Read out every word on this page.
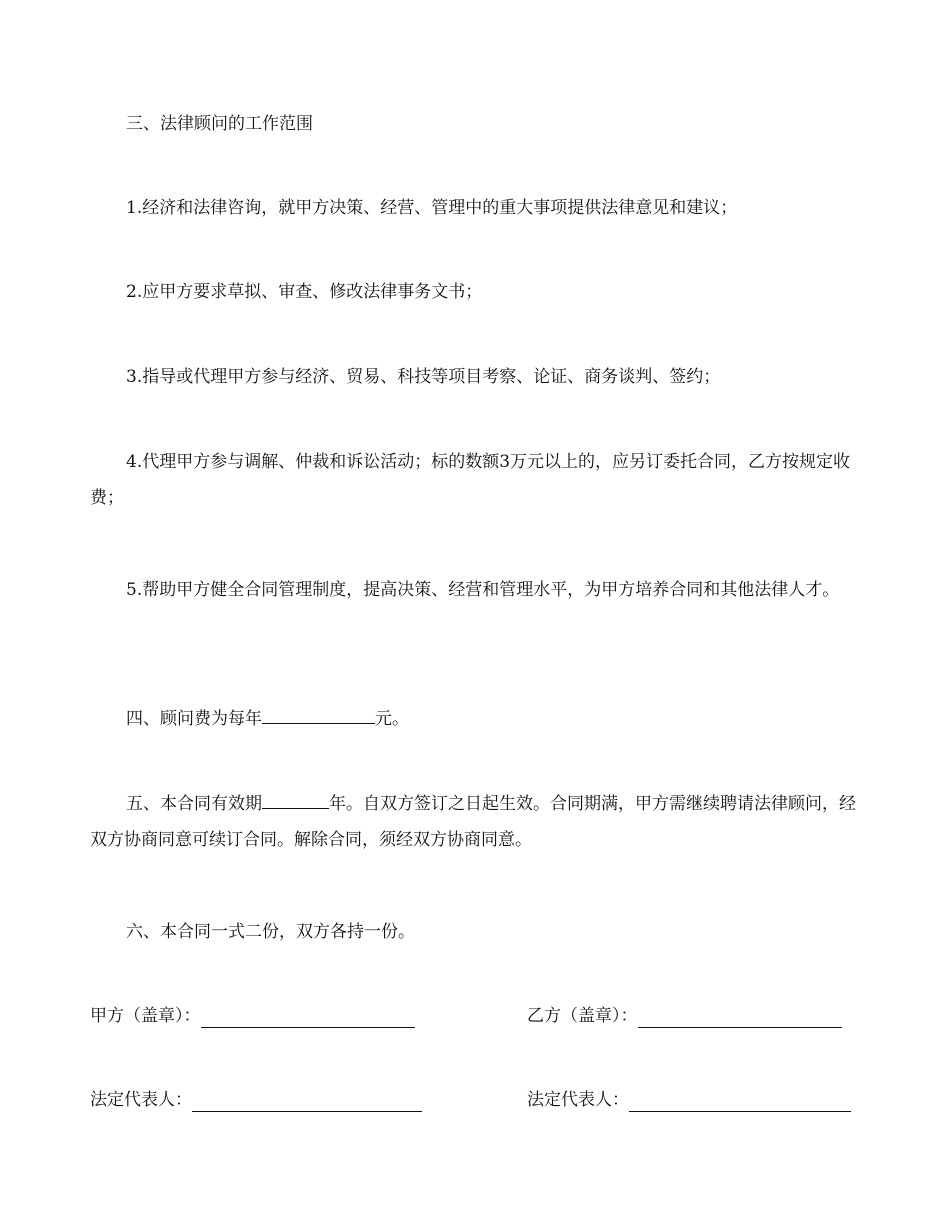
三、法律顾问的工作范围
1.经济和法律咨询，就甲方决策、经营、管理中的重大事项提供法律意见和建议；
2.应甲方要求草拟、审查、修改法律事务文书；
3.指导或代理甲方参与经济、贸易、科技等项目考察、论证、商务谈判、签约；
4.代理甲方参与调解、仲裁和诉讼活动；标的数额3万元以上的，应另订委托合同，乙方按规定收费；
5.帮助甲方健全合同管理制度，提高决策、经营和管理水平，为甲方培养合同和其他法律人才。
四、顾问费为每年	元。
五、本合同有效期	年。自双方签订之日起生效。合同期满，甲方需继续聘请法律顾问，经双方协商同意可续订合同。解除合同，须经双方协商同意。
六、本合同一式二份，双方各持一份。
甲方（盖章）：	乙方（盖章）：
法定代表人：	法定代表人：
